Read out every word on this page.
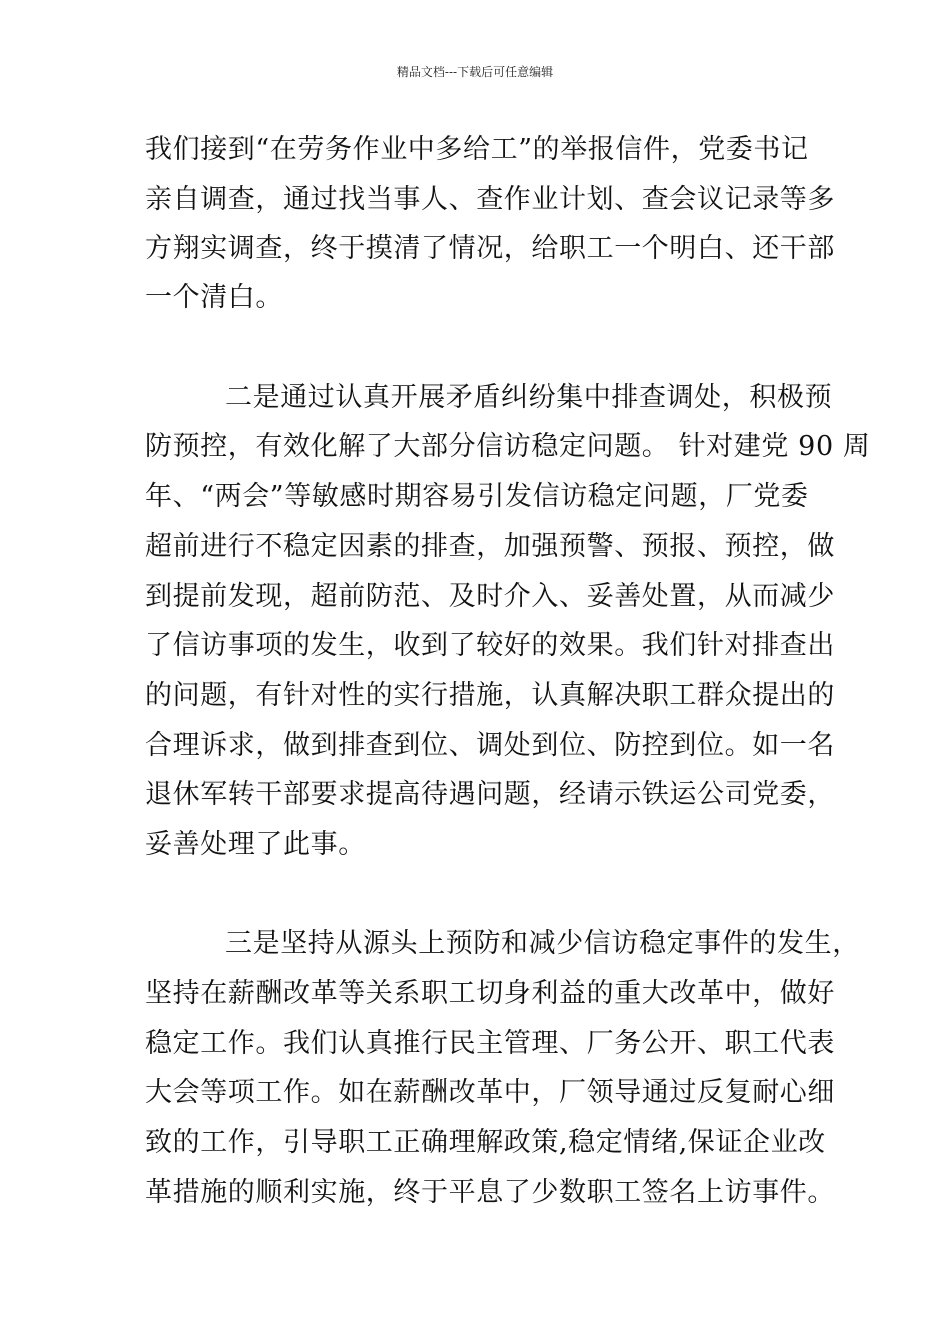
精品文档---下载后可任意编辑
我们接到“在劳务作业中多给工”的举报信件，党委书记
亲自调查，通过找当事人、查作业计划、查会议记录等多
方翔实调查，终于摸清了情况，给职工一个明白、还干部
一个清白。
二是通过认真开展矛盾纠纷集中排查调处，积极预
防预控，有效化解了大部分信访稳定问题。 针对建党 90 周
年、“两会”等敏感时期容易引发信访稳定问题，厂党委
超前进行不稳定因素的排查，加强预警、预报、预控，做
到提前发现，超前防范、及时介入、妥善处置，从而减少
了信访事项的发生，收到了较好的效果。我们针对排查出
的问题，有针对性的实行措施，认真解决职工群众提出的
合理诉求，做到排查到位、调处到位、防控到位。如一名
退休军转干部要求提高待遇问题，经请示铁运公司党委，
妥善处理了此事。
三是坚持从源头上预防和减少信访稳定事件的发生，
坚持在薪酬改革等关系职工切身利益的重大改革中，做好
稳定工作。我们认真推行民主管理、厂务公开、职工代表
大会等项工作。如在薪酬改革中，厂领导通过反复耐心细
致的工作，引导职工正确理解政策,稳定情绪,保证企业改
革措施的顺利实施，终于平息了少数职工签名上访事件。
